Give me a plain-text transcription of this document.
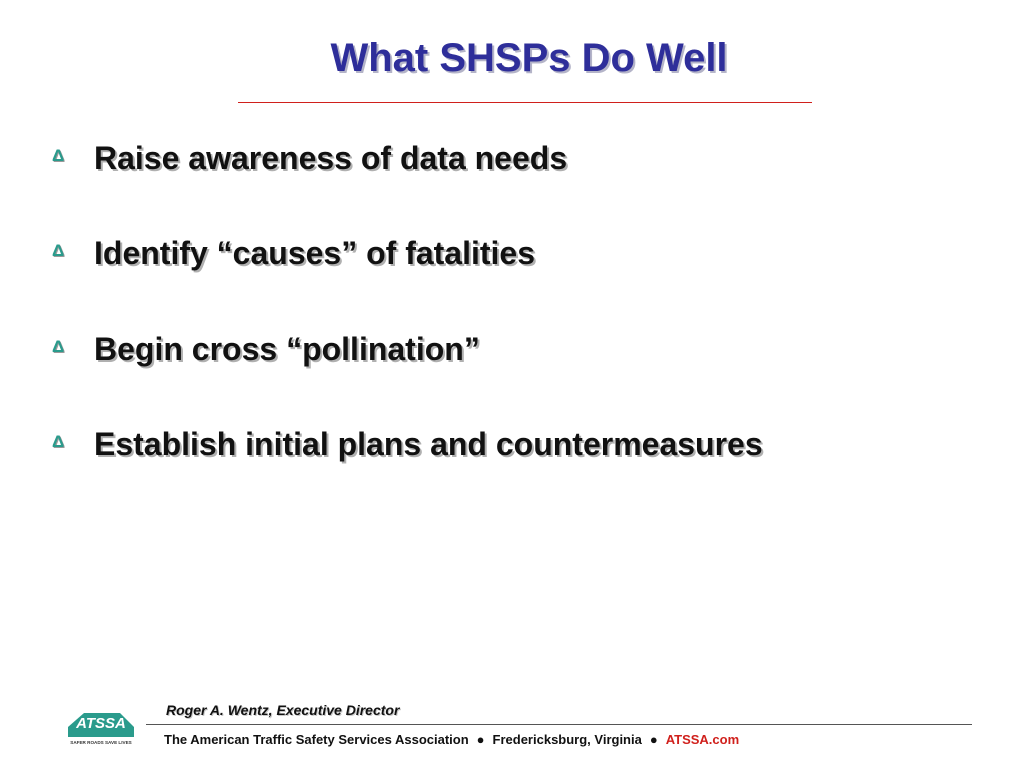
What SHSPs Do Well
Δ Raise awareness of data needs
Δ Identify “causes” of fatalities
Δ Begin cross “pollination”
Δ Establish initial plans and countermeasures
ATSSA
SAFER ROADS SAVE LIVES
Roger A. Wentz, Executive Director
The American Traffic Safety Services Association ● Fredericksburg, Virginia ● ATSSA.com
